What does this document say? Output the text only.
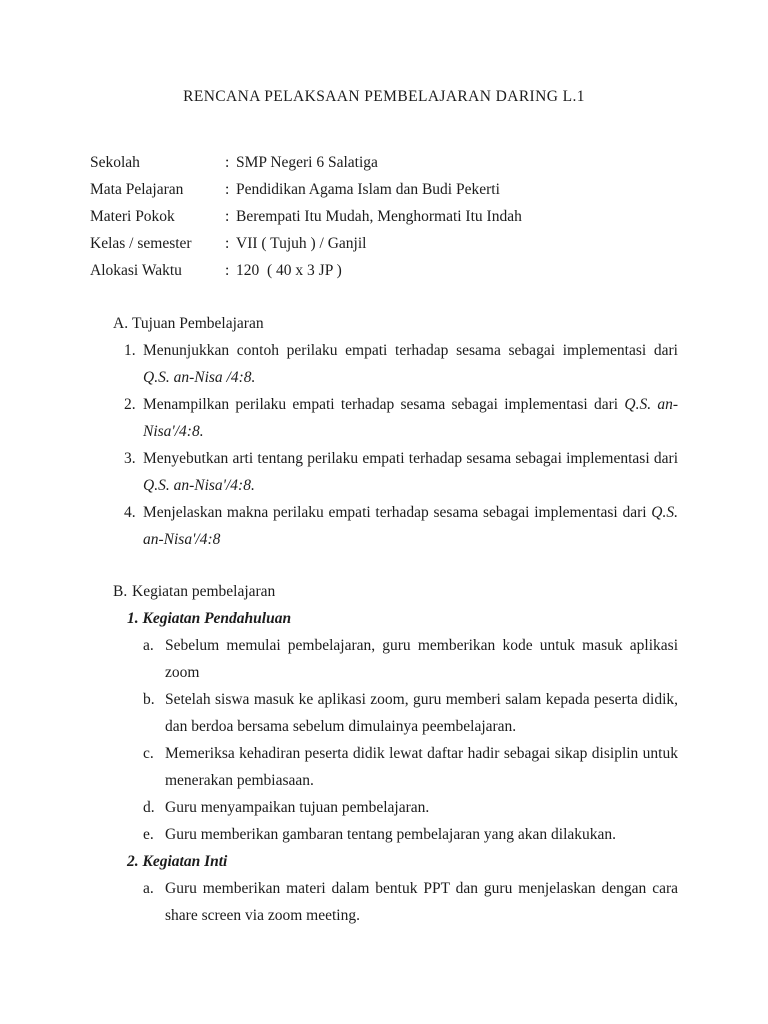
RENCANA PELAKSAAN PEMBELAJARAN DARING L.1
Sekolah	: SMP Negeri 6 Salatiga
Mata Pelajaran	: Pendidikan Agama Islam dan Budi Pekerti
Materi Pokok	: Berempati Itu Mudah, Menghormati Itu Indah
Kelas / semester	: VII ( Tujuh ) / Ganjil
Alokasi Waktu	: 120  ( 40 x 3 JP )
A. Tujuan Pembelajaran
1. Menunjukkan contoh perilaku empati terhadap sesama sebagai implementasi dari Q.S. an-Nisa /4:8.
2. Menampilkan perilaku empati terhadap sesama sebagai implementasi dari Q.S. an-Nisa'/4:8.
3. Menyebutkan arti tentang perilaku empati terhadap sesama sebagai implementasi dari Q.S. an-Nisa'/4:8.
4. Menjelaskan makna perilaku empati terhadap sesama sebagai implementasi dari Q.S. an-Nisa'/4:8
B. Kegiatan pembelajaran
1. Kegiatan Pendahuluan
a. Sebelum memulai pembelajaran, guru memberikan kode untuk masuk aplikasi zoom
b. Setelah siswa masuk ke aplikasi zoom, guru memberi salam kepada peserta didik, dan berdoa bersama sebelum dimulainya peembelajaran.
c. Memeriksa kehadiran peserta didik lewat daftar hadir sebagai sikap disiplin untuk menerakan pembiasaan.
d. Guru menyampaikan tujuan pembelajaran.
e. Guru memberikan gambaran tentang pembelajaran yang akan dilakukan.
2. Kegiatan Inti
a. Guru memberikan materi dalam bentuk PPT dan guru menjelaskan dengan cara share screen via zoom meeting.
